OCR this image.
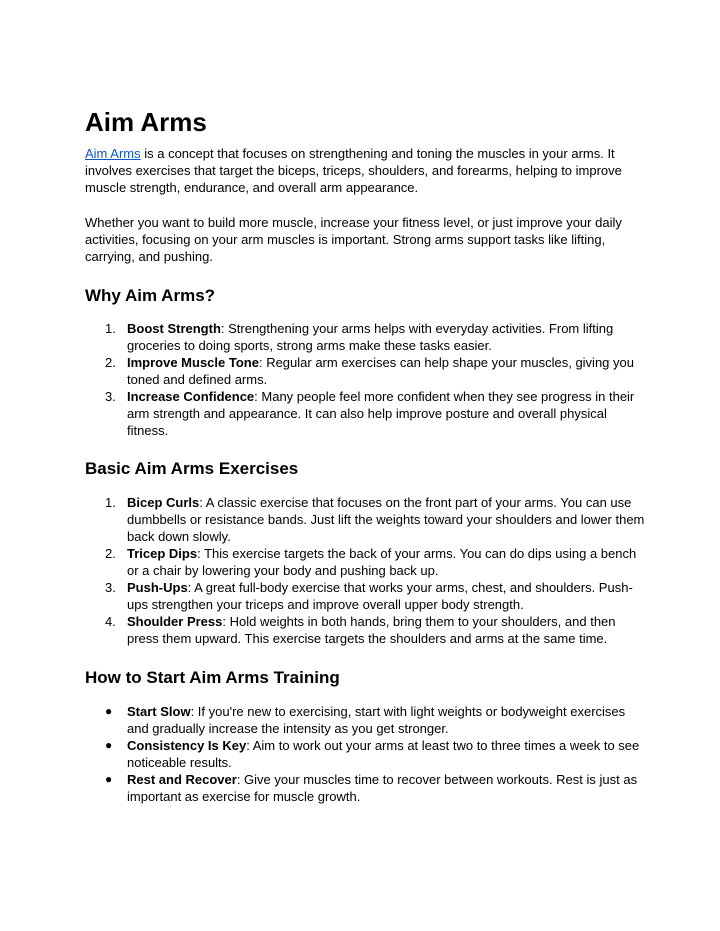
Aim Arms

Aim Arms is a concept that focuses on strengthening and toning the muscles in your arms. It involves exercises that target the biceps, triceps, shoulders, and forearms, helping to improve muscle strength, endurance, and overall arm appearance.

Whether you want to build more muscle, increase your fitness level, or just improve your daily activities, focusing on your arm muscles is important. Strong arms support tasks like lifting, carrying, and pushing.

Why Aim Arms?
1. Boost Strength: Strengthening your arms helps with everyday activities. From lifting groceries to doing sports, strong arms make these tasks easier.
2. Improve Muscle Tone: Regular arm exercises can help shape your muscles, giving you toned and defined arms.
3. Increase Confidence: Many people feel more confident when they see progress in their arm strength and appearance. It can also help improve posture and overall physical fitness.
Basic Aim Arms Exercises
1. Bicep Curls: A classic exercise that focuses on the front part of your arms. You can use dumbbells or resistance bands. Just lift the weights toward your shoulders and lower them back down slowly.
2. Tricep Dips: This exercise targets the back of your arms. You can do dips using a bench or a chair by lowering your body and pushing back up.
3. Push-Ups: A great full-body exercise that works your arms, chest, and shoulders. Push-ups strengthen your triceps and improve overall upper body strength.
4. Shoulder Press: Hold weights in both hands, bring them to your shoulders, and then press them upward. This exercise targets the shoulders and arms at the same time.
How to Start Aim Arms Training
●	Start Slow: If you're new to exercising, start with light weights or bodyweight exercises and gradually increase the intensity as you get stronger.
●	Consistency Is Key: Aim to work out your arms at least two to three times a week to see noticeable results.
●	Rest and Recover: Give your muscles time to recover between workouts. Rest is just as important as exercise for muscle growth.
